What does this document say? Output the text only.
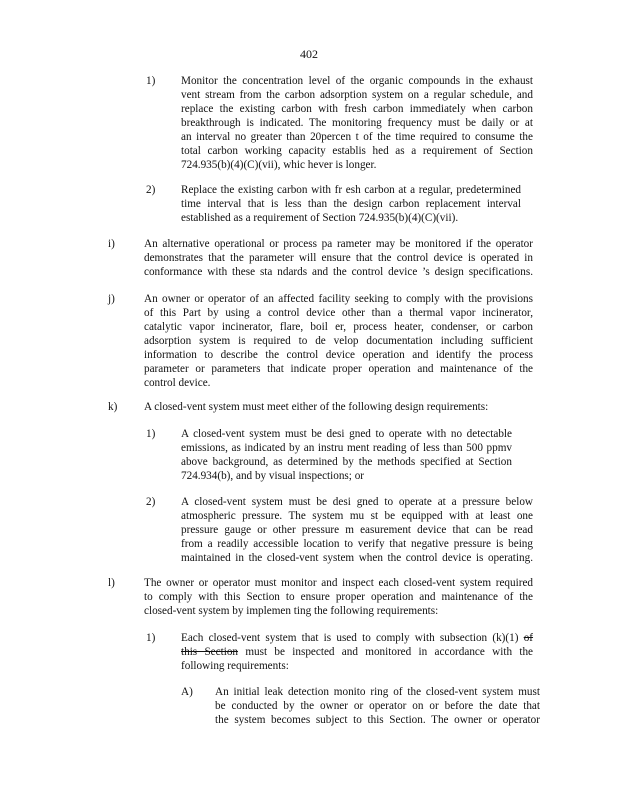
402
1) Monitor the concentration level of the organic compounds in the exhaust
vent stream from the carbon adsorption system on a regular schedule, and
replace the existing carbon with fresh carbon immediately when carbon
breakthrough is indicated. The monitoring frequency must be daily or at
an interval no greater than 20percen t of the time required to consume the
total carbon working capacity establis hed as a requirement of Section
724.935(b)(4)(C)(vii), whic hever is longer.
2) Replace the existing carbon with fr esh carbon at a regular, predetermined
time interval that is less than the design carbon replacement interval
established as a requirement of Section 724.935(b)(4)(C)(vii).
i)	An alternative operational or process pa rameter may be monitored if the operator
demonstrates that the parameter will ensure that the control device is operated in
conformance with these sta ndards and the control device ’s design specifications.
j)	An owner or operator of an affected facility seeking to comply with the provisions
of this Part by using a control device other than a thermal vapor incinerator,
catalytic vapor incinerator, flare, boil er, process heater, condenser, or carbon
adsorption system is required to de velop documentation including sufficient
information to describe the control device operation and identify the process
parameter or parameters that indicate proper operation and maintenance of the
control device.
k) A closed-vent system must meet either of the following design requirements:
1) A closed-vent system must be desi gned to operate with no detectable
emissions, as indicated by an instru ment reading of less than 500 ppmv
above background, as determined by the methods specified at Section
724.934(b), and by visual inspections; or
2) A closed-vent system must be desi gned to operate at a pressure below
atmospheric pressure. The system mu st be equipped with at least one
pressure gauge or other pressure m easurement device that can be read
from a readily accessible location to verify that negative pressure is being
maintained in the closed-vent system when the control device is operating.
l)	The owner or operator must monitor and inspect each closed-vent system required
to comply with this Section to ensure proper operation and maintenance of the
closed-vent system by implemen ting the following requirements:
1) Each closed-vent system that is used to comply with subsection (k)(1) of
this Section must be inspected and monitored in accordance with the
following requirements:
A) An initial leak detection monito ring of the closed-vent system must
be conducted by the owner or operator on or before the date that
the system becomes subject to this Section. The owner or operator
